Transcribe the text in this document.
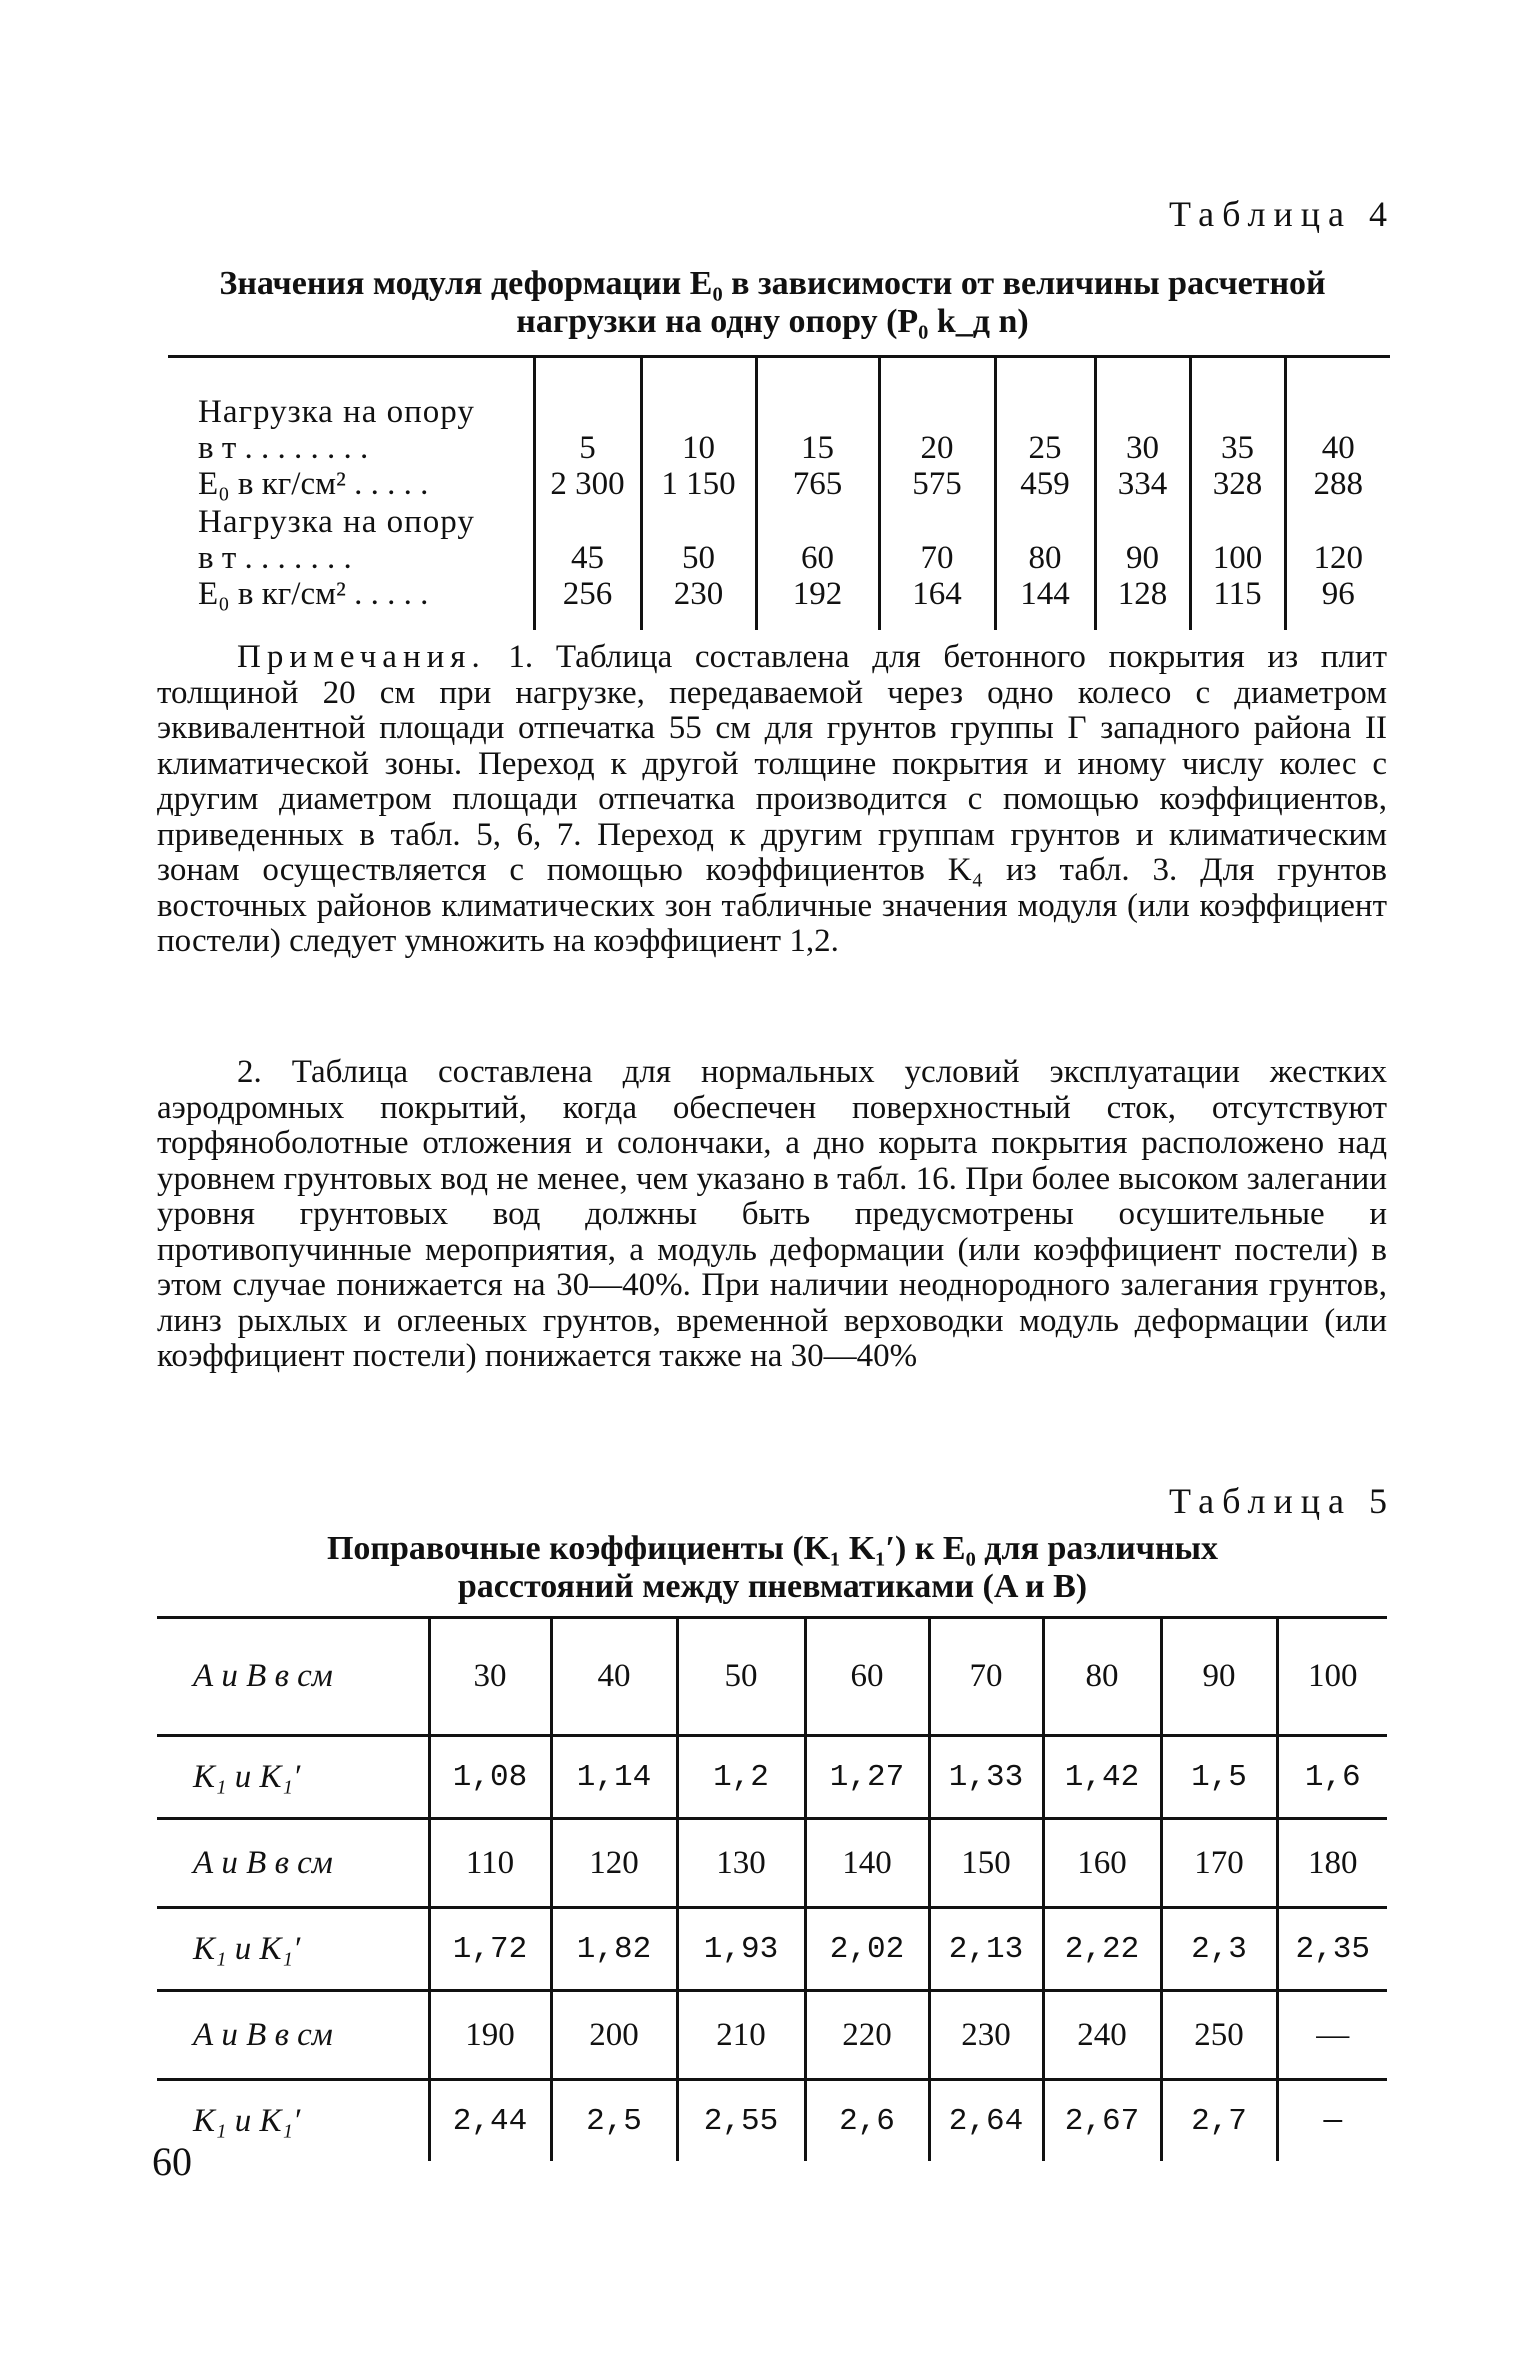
Таблица 4
Значения модуля деформации E₀ в зависимости от величины расчетной
нагрузки на одну опору (P₀ k_д n)
Нагрузка на опору
в т . . . . . . . .	5	10	15	20	25	30	35	40

E₀ в кг/см² . . . . .	2 300	1 150	765	575	459	334	328	288

Нагрузка на опору
в т . . . . . . .	45	50	60	70	80	90	100	120

E₀ в кг/см² . . . . .	256	230	192	164	144	128	115	96

Примечания. 1. Таблица составлена для бетонного покрытия из плит толщиной 20 см при нагрузке, передаваемой через одно колесо с диаметром эквивалентной площади отпечатка 55 см для грунтов группы Г западного района II климатической зоны. Переход к другой толщине покрытия и иному числу колес с другим диаметром площади отпечатка производится с помощью коэффициентов, приведенных в табл. 5, 6, 7. Переход к другим группам грунтов и климатическим зонам осуществляется с помощью коэффициентов K₄ из табл. 3. Для грунтов восточных районов климатических зон табличные значения модуля (или коэффициент постели) следует умножить на коэффициент 1,2.

2. Таблица составлена для нормальных условий эксплуатации жестких аэродромных покрытий, когда обеспечен поверхностный сток, отсутствуют торфяноболотные отложения и солончаки, а дно корыта покрытия расположено над уровнем грунтовых вод не менее, чем указано в табл. 16. При более высоком залегании уровня грунтовых вод должны быть предусмотрены осушительные и противопучинные мероприятия, а модуль деформации (или коэффициент постели) в этом случае понижается на 30—40%. При наличии неоднородного залегания грунтов, линз рыхлых и оглееных грунтов, временной верховодки модуль деформации (или коэффициент постели) понижается также на 30—40%

Таблица 5
Поправочные коэффициенты (K₁ K₁′) к E₀ для различных
расстояний между пневматиками (A и B)
А и В в см	30	40	50	60	70	80	90	100
K₁ и K₁′	1,08	1,14	1,2	1,27	1,33	1,42	1,5	1,6
А и В в см	110	120	130	140	150	160	170	180
K₁ и K₁′	1,72	1,82	1,93	2,02	2,13	2,22	2,3	2,35
А и В в см	190	200	210	220	230	240	250	—
K₁ и K₁′	2,44	2,5	2,55	2,6	2,64	2,67	2,7	—
60
